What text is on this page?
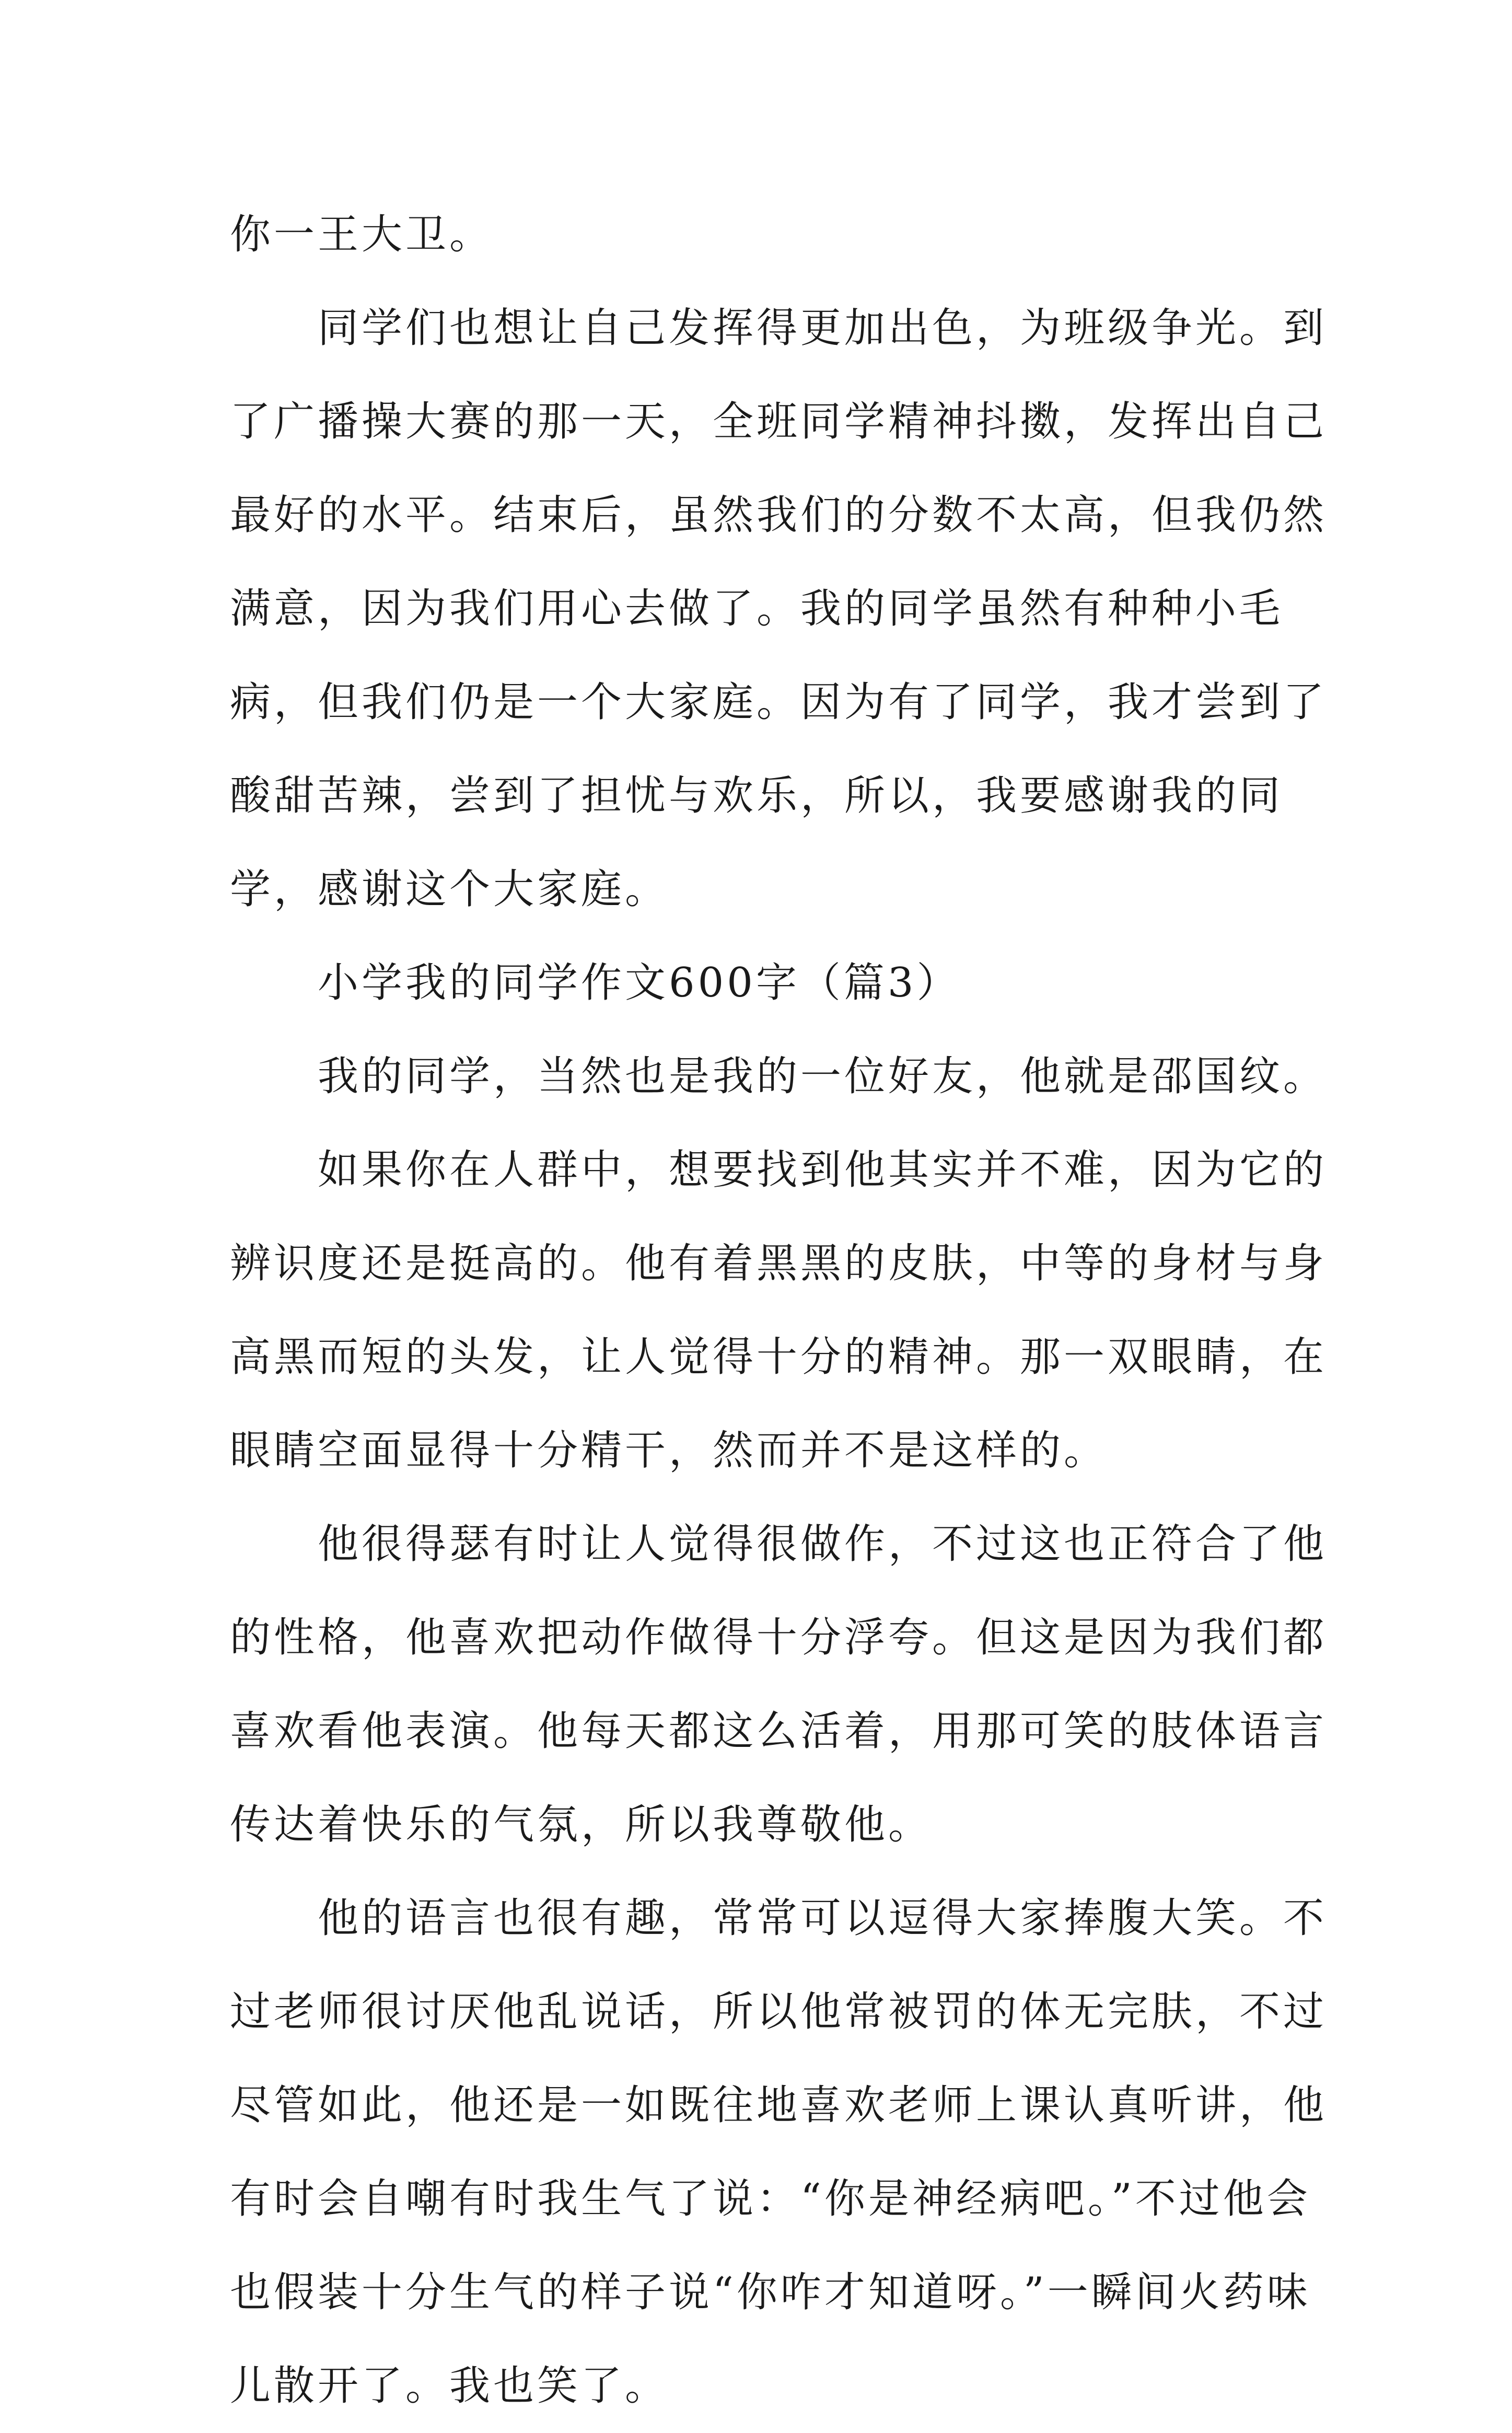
你一王大卫。

同学们也想让自己发挥得更加出色，为班级争光。到了广播操大赛的那一天，全班同学精神抖擞，发挥出自己最好的水平。结束后，虽然我们的分数不太高，但我仍然满意，因为我们用心去做了。我的同学虽然有种种小毛病，但我们仍是一个大家庭。因为有了同学，我才尝到了酸甜苦辣，尝到了担忧与欢乐，所以，我要感谢我的同学，感谢这个大家庭。

小学我的同学作文600字（篇3）

我的同学，当然也是我的一位好友，他就是邵国纹。

如果你在人群中，想要找到他其实并不难，因为它的辨识度还是挺高的。他有着黑黑的皮肤，中等的身材与身高黑而短的头发，让人觉得十分的精神。那一双眼睛，在眼睛空面显得十分精干，然而并不是这样的。

他很得瑟有时让人觉得很做作，不过这也正符合了他的性格，他喜欢把动作做得十分浮夸。但这是因为我们都喜欢看他表演。他每天都这么活着，用那可笑的肢体语言传达着快乐的气氛，所以我尊敬他。

他的语言也很有趣，常常可以逗得大家捧腹大笑。不过老师很讨厌他乱说话，所以他常被罚的体无完肤，不过尽管如此，他还是一如既往地喜欢老师上课认真听讲，他有时会自嘲有时我生气了说：“你是神经病吧。”不过他会也假装十分生气的样子说“你咋才知道呀。”一瞬间火药味儿散开了。我也笑了。
